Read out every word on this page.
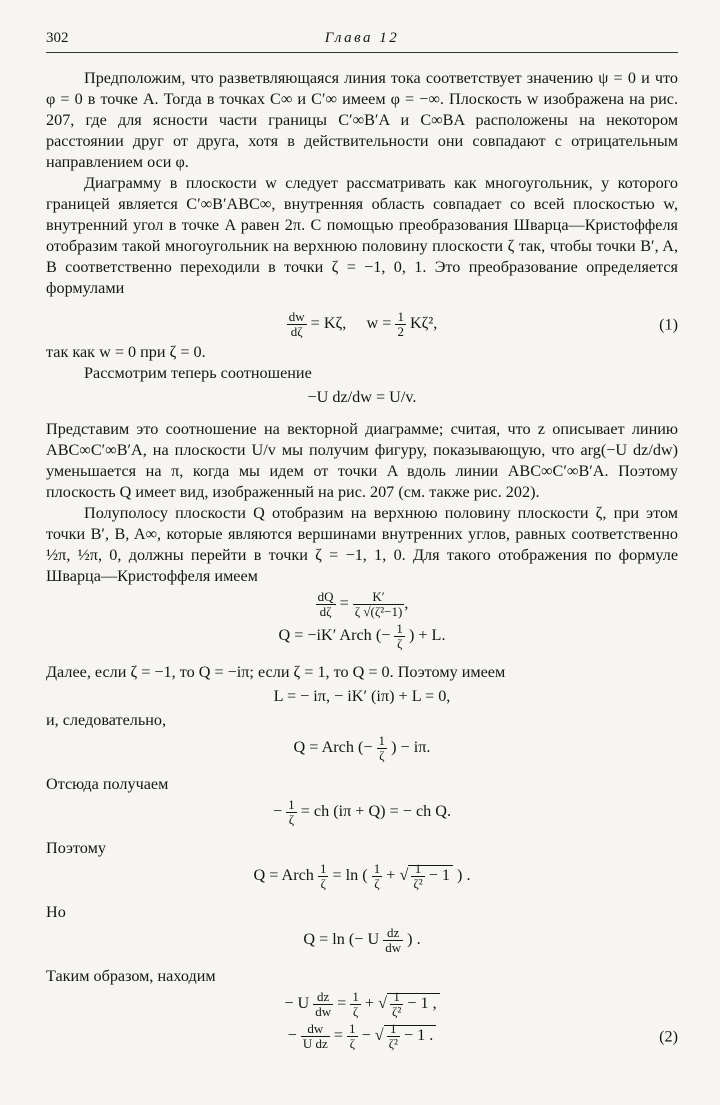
302	Глава 12

Предположим, что разветвляющаяся линия тока соответствует значению ψ = 0 и что φ = 0 в точке A. Тогда в точках C∞ и C′∞ имеем φ = −∞. Плоскость w изображена на рис. 207, где для ясности части границы C′∞B′A и C∞BA расположены на некотором расстоянии друг от друга, хотя в действительности они совпадают с отрицательным направлением оси φ.

Диаграмму в плоскости w следует рассматривать как многоугольник, у которого границей является C′∞B′ABC∞, внутренняя область совпадает со всей плоскостью w, внутренний угол в точке A равен 2π. С помощью преобразования Шварца—Кристоффеля отобразим такой многоугольник на верхнюю половину плоскости ζ так, чтобы точки B′, A, B соответственно переходили в точки ζ = −1, 0, 1. Это преобразование определяется формулами

$\frac{dw}{d\zeta} = K\zeta$, $w = \frac{1}{2} K\zeta^2$,	(1)

так как w = 0 при ζ = 0.

Рассмотрим теперь соотношение

−U dz/dw = U/v.

Представим это соотношение на векторной диаграмме; считая, что z описывает линию ABC∞C′∞B′A, на плоскости U/v мы получим фигуру, показывающую, что arg(−U dz/dw) уменьшается на π, когда мы идем от точки A вдоль линии ABC∞C′∞B′A. Поэтому плоскость Q имеет вид, изображенный на рис. 207 (см. также рис. 202).

Полуполосу плоскости Q отобразим на верхнюю половину плоскости ζ, при этом точки B′, B, A∞, которые являются вершинами внутренних углов, равных соответственно ½π, ½π, 0, должны перейти в точки ζ = −1, 1, 0. Для такого отображения по формуле Шварца—Кристоффеля имеем

$\frac{dQ}{d\zeta} = \frac{K'}{\text{ζ √(ζ²−1)}}$ ,
Q = −iK′ Arch (− $\frac{1}{\zeta}$ ) + L.

Далее, если ζ = −1, то Q = −iπ; если ζ = 1, то Q = 0. Поэтому имеем

L = − iπ, − iK′ (iπ) + L = 0,

и, следовательно,

Q = Arch (− $\frac{1}{\zeta}$ ) − iπ.

Отсюда получаем

− $\frac{1}{\zeta}$ = ch (iπ + Q) = − ch Q.

Поэтому

Q = Arch $\frac{1}{\zeta} = \ln$ ( $\frac{1}{\zeta}$ + √ $\frac{1}{\text{ζ²}} - 1$ ) .

Но

Q = ln (− U $\frac{dz}{dw}$ ) .

Таким образом, находим

− U $\frac{dz}{dw} = \frac{1}{\zeta}$ + √ $\frac{1}{\text{ζ²}} - 1$ ,
− $\frac{dw}{\text{U dz}} = \frac{1}{\zeta}$ − √ $\frac{1}{\text{ζ²}} - 1$ .	(2)
